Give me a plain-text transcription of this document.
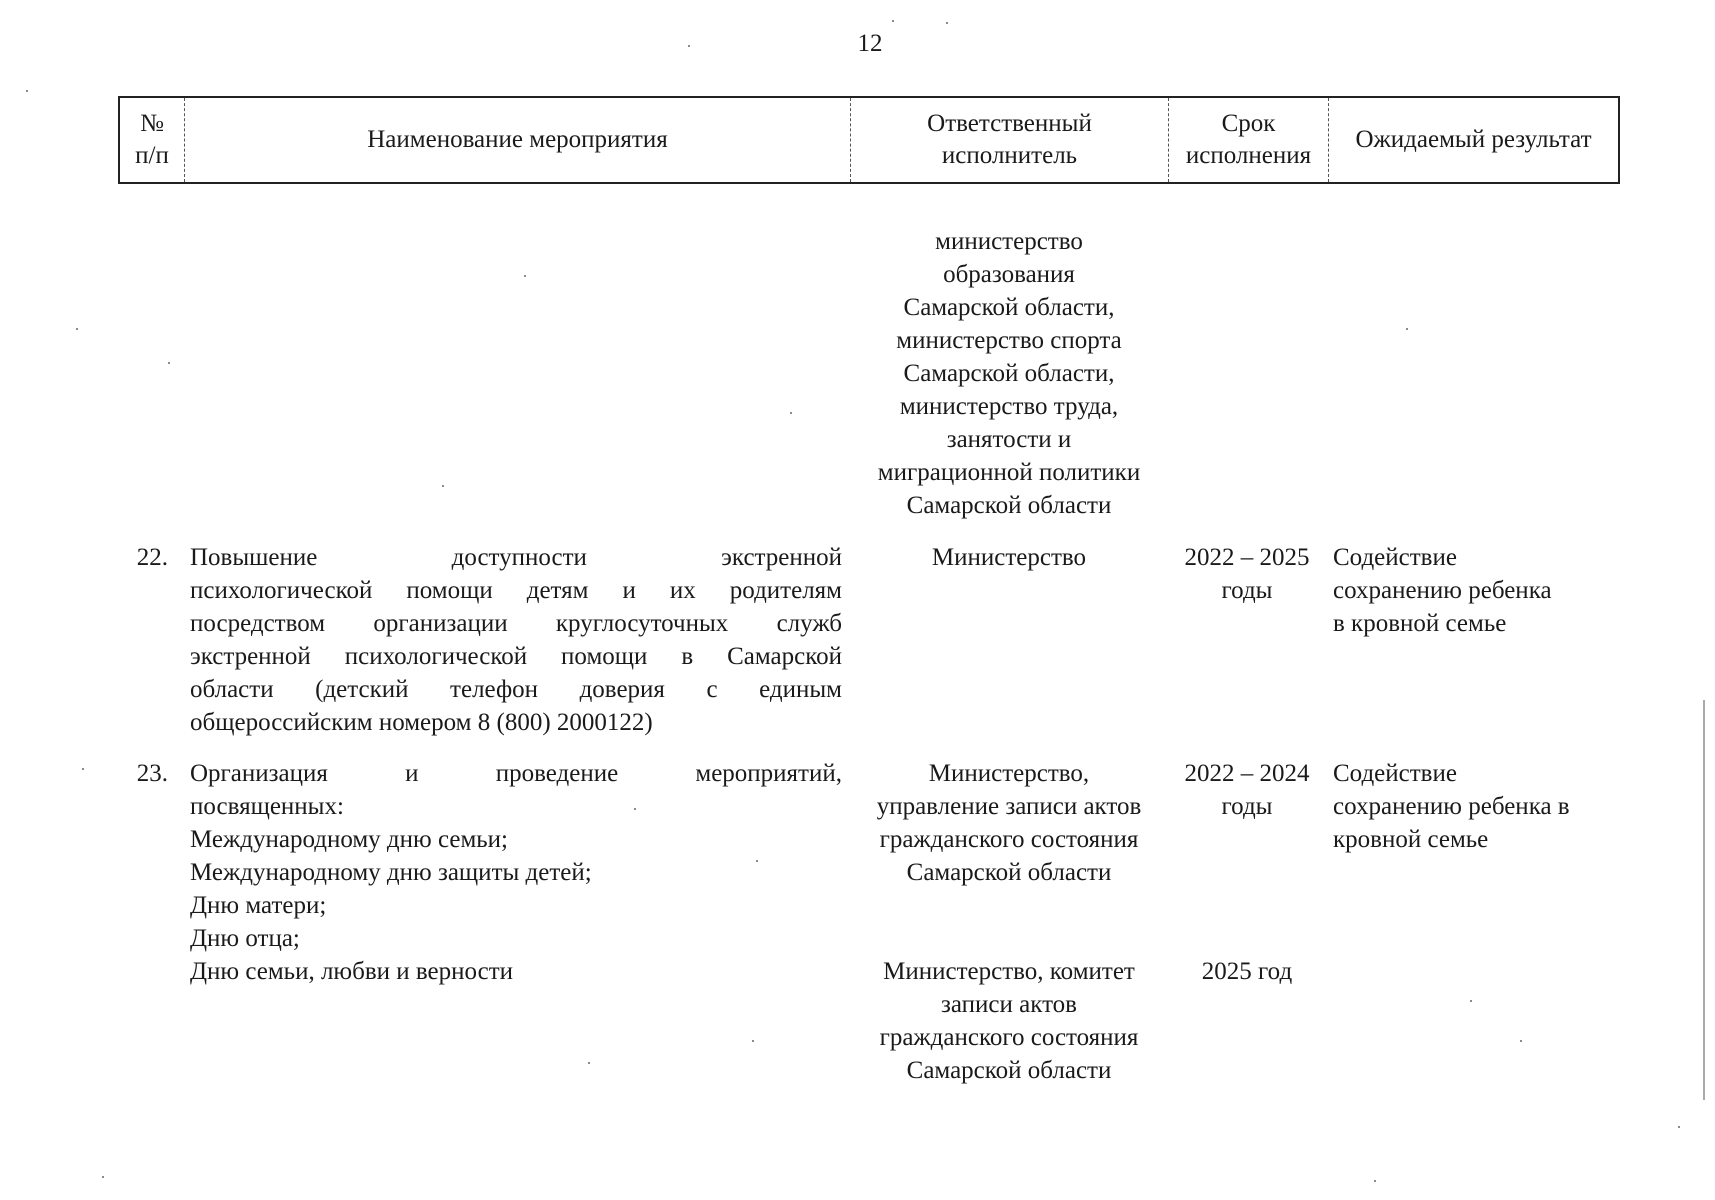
12
№
п/п
Наименование мероприятия
Ответственный
исполнитель
Срок
исполнения
Ожидаемый результат
министерство
образования
Самарской области,
министерство спорта
Самарской области,
министерство труда,
занятости и
миграционной политики
Самарской области
22. Повышение доступности экстренной
психологической помощи детям и их родителям
посредством организации круглосуточных служб
экстренной психологической помощи в Самарской
области (детский телефон доверия с единым
общероссийским номером 8 (800) 2000122)
Министерство	2022 – 2025
годы
Содействие
сохранению ребенка
в кровной семье
23. Организация и проведение мероприятий,
посвященных:
Международному дню семьи;
Международному дню защиты детей;
Дню матери;
Дню отца;
Дню семьи, любви и верности
Министерство,
управление записи актов
гражданского состояния
Самарской области
2022 – 2024
годы
Содействие
сохранению ребенка в
кровной семье
Министерство, комитет
записи актов
гражданского состояния
Самарской области
2025 год
